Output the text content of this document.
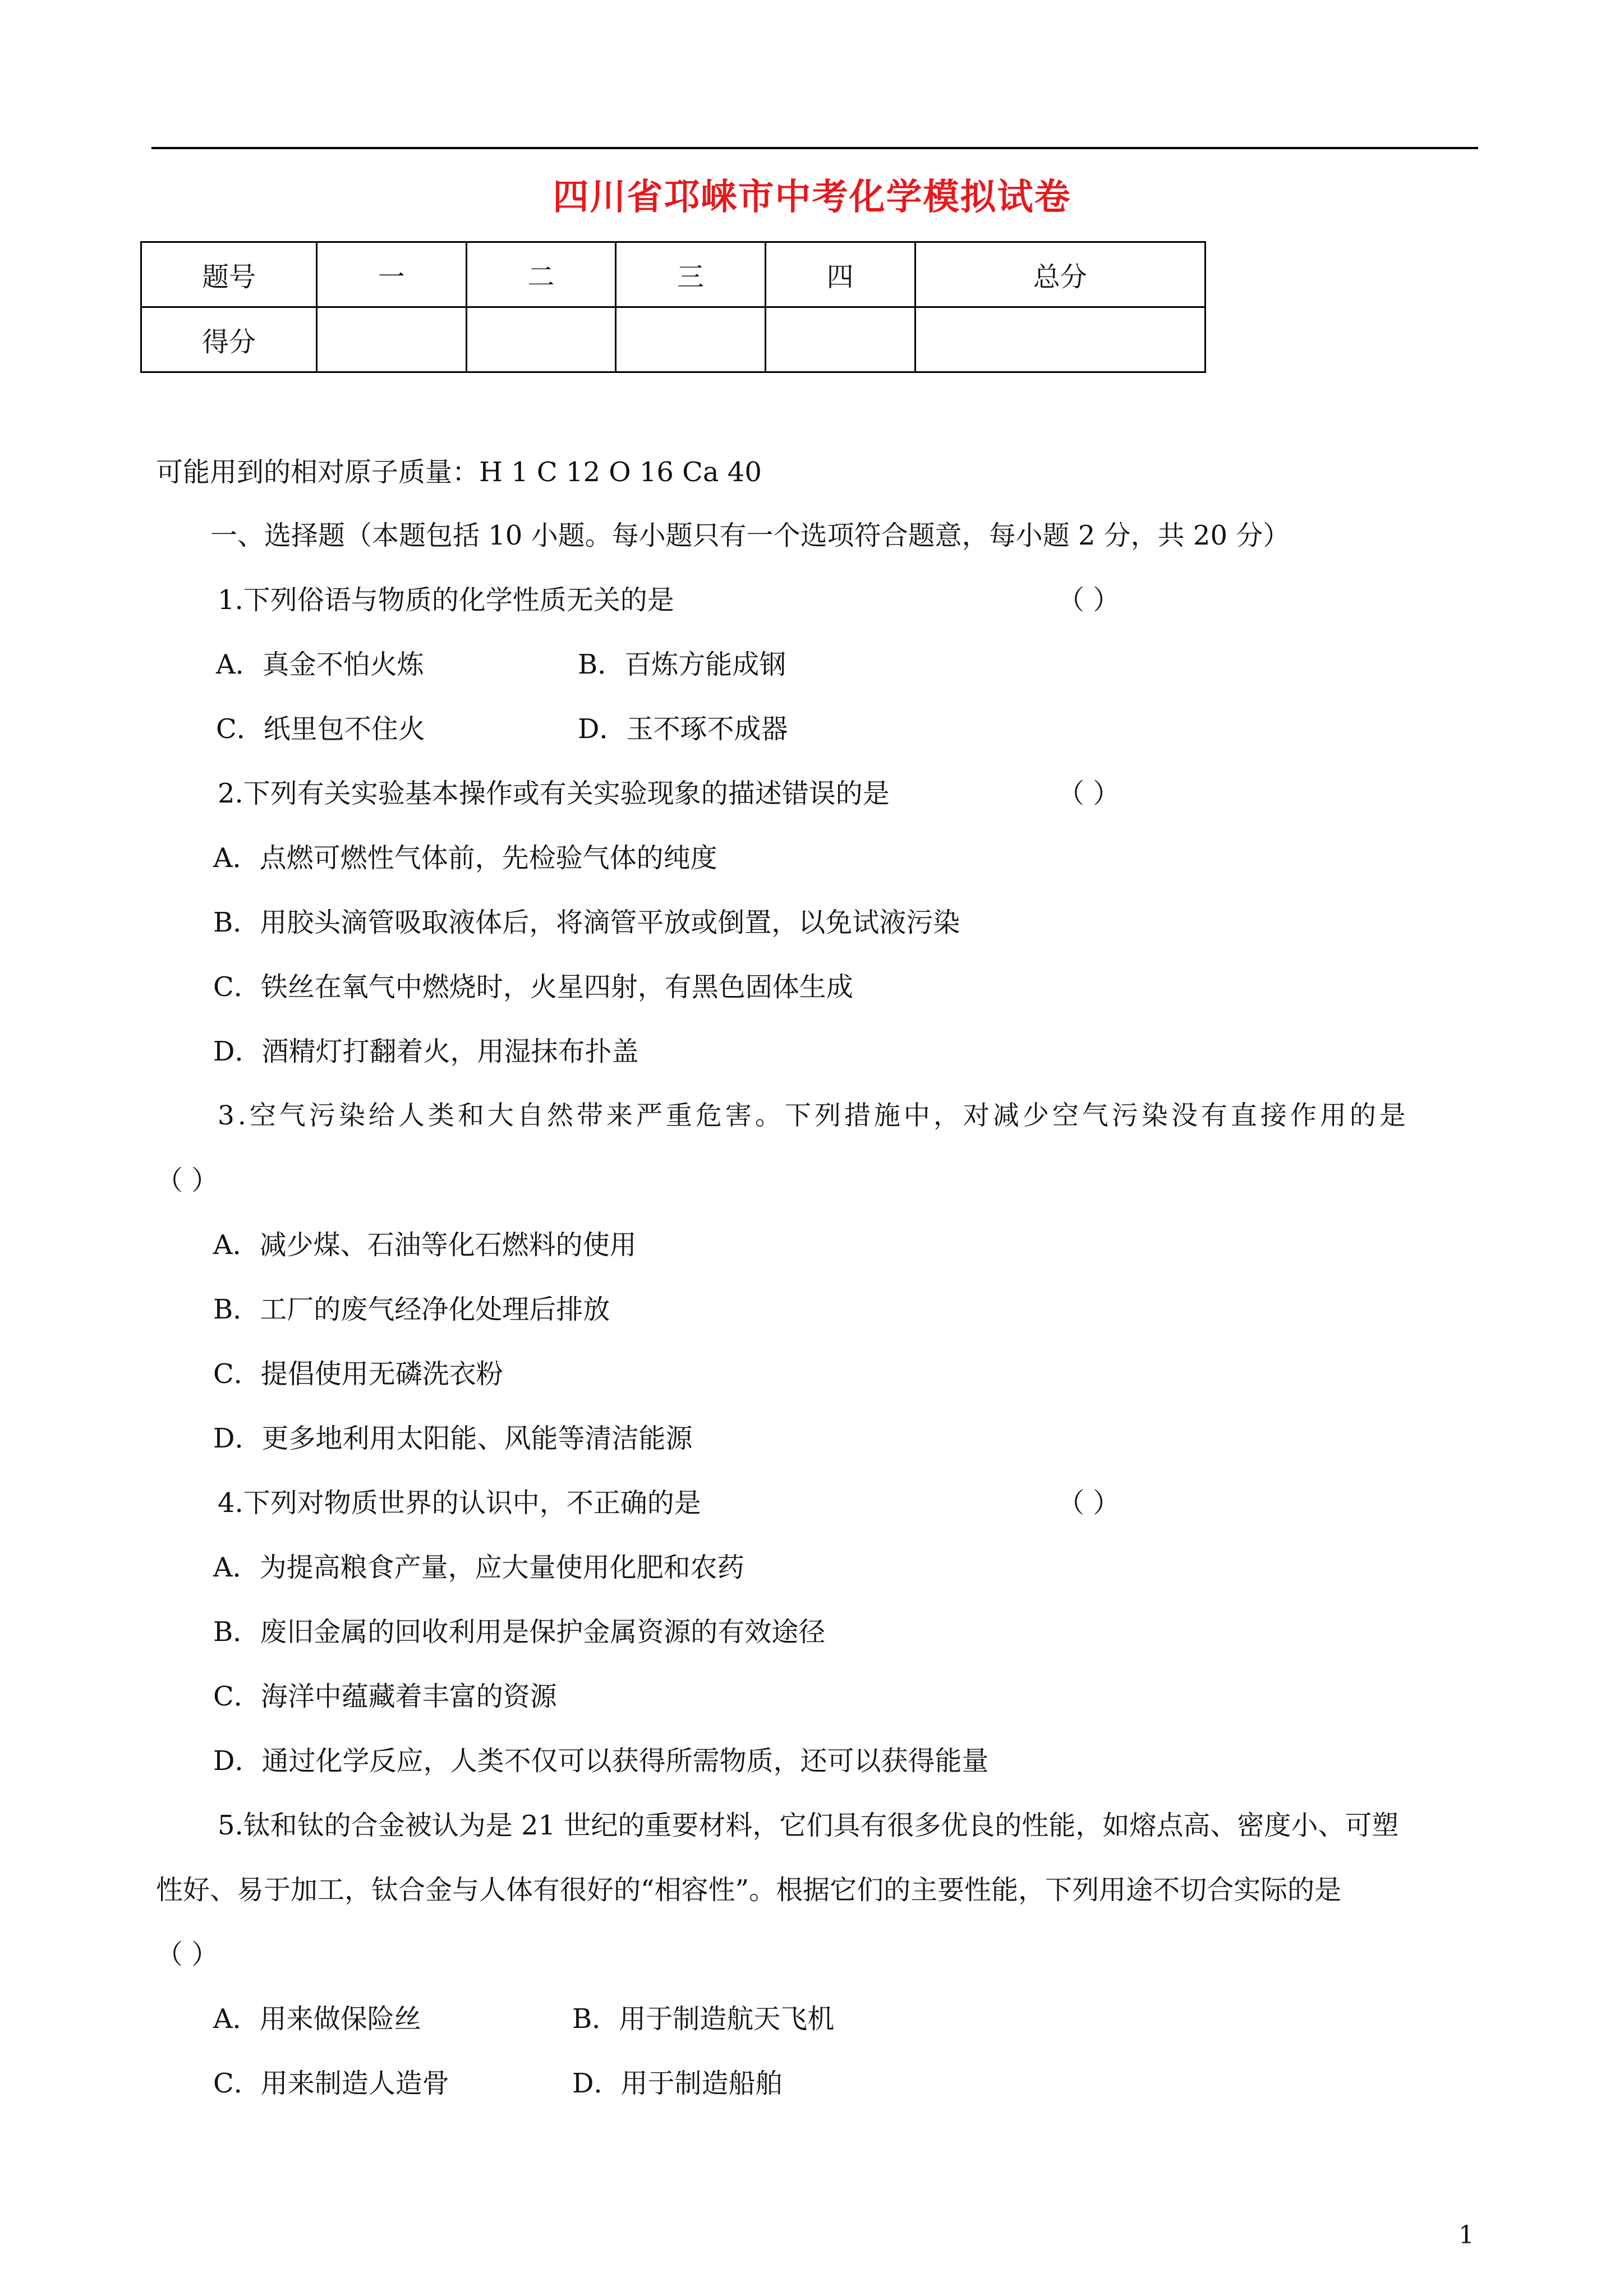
四川省邛崃市中考化学模拟试卷
题号	一	二	三	四	总分
得分					
可能用到的相对原子质量：H 1 C 12 O 16 Ca 40
一、选择题（本题包括 10 小题。每小题只有一个选项符合题意，每小题 2 分，共 20 分）
1.下列俗语与物质的化学性质无关的是	（ ）
A．真金不怕火炼	B．百炼方能成钢
C．纸里包不住火	D．玉不琢不成器
2.下列有关实验基本操作或有关实验现象的描述错误的是	（ ）
A．点燃可燃性气体前，先检验气体的纯度
B．用胶头滴管吸取液体后，将滴管平放或倒置，以免试液污染
C．铁丝在氧气中燃烧时，火星四射，有黑色固体生成
D．酒精灯打翻着火，用湿抹布扑盖
3.空气污染给人类和大自然带来严重危害。下列措施中，对减少空气污染没有直接作用的是
（ ）
A．减少煤、石油等化石燃料的使用
B．工厂的废气经净化处理后排放
C．提倡使用无磷洗衣粉
D．更多地利用太阳能、风能等清洁能源
4.下列对物质世界的认识中，不正确的是	（ ）
A．为提高粮食产量，应大量使用化肥和农药
B．废旧金属的回收利用是保护金属资源的有效途径
C．海洋中蕴藏着丰富的资源
D．通过化学反应，人类不仅可以获得所需物质，还可以获得能量
5.钛和钛的合金被认为是 21 世纪的重要材料，它们具有很多优良的性能，如熔点高、密度小、可塑
性好、易于加工，钛合金与人体有很好的“相容性”。根据它们的主要性能，下列用途不切合实际的是
（ ）
A．用来做保险丝	B．用于制造航天飞机
C．用来制造人造骨	D．用于制造船舶
1
